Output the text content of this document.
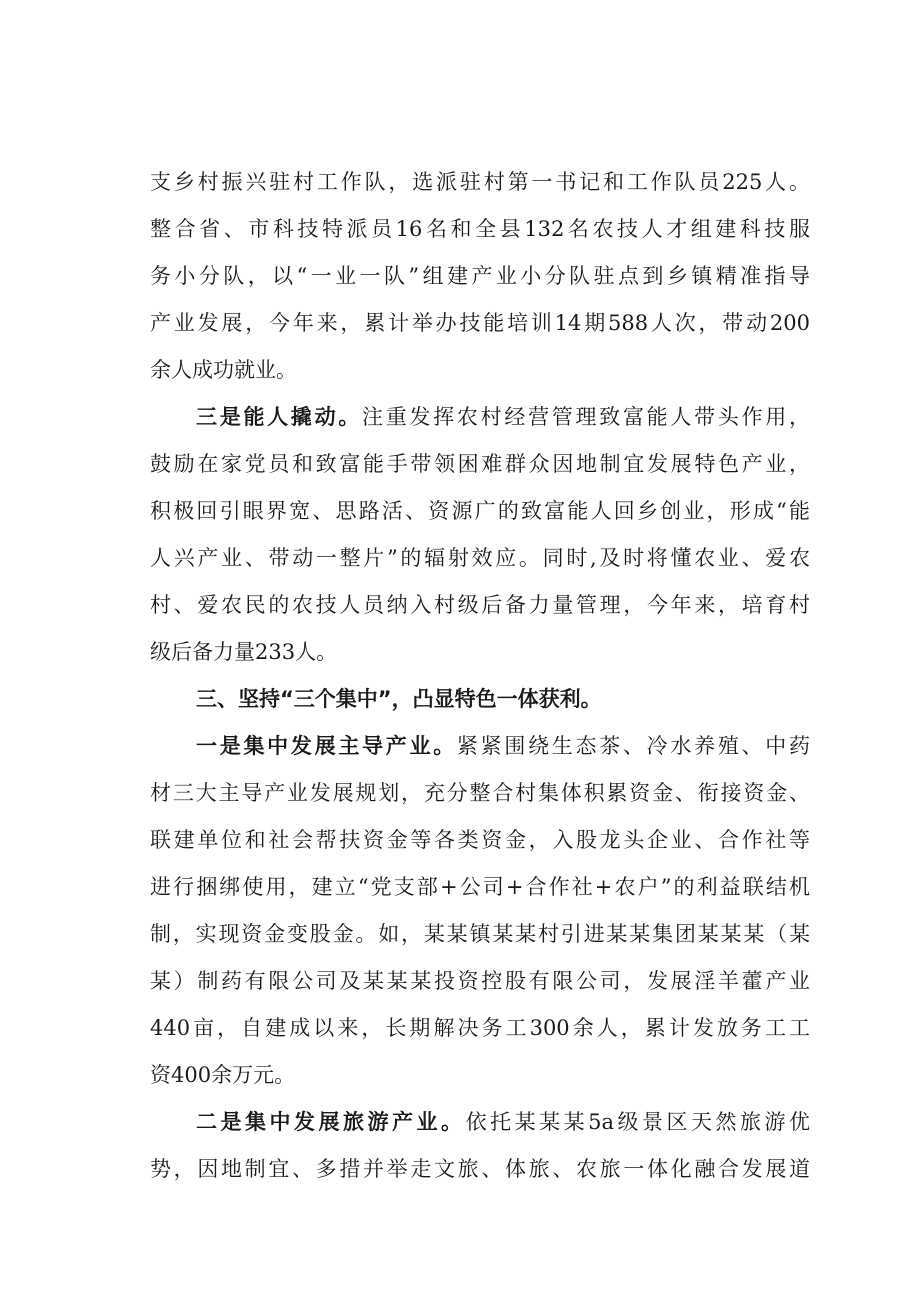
支乡村振兴驻村工作队，选派驻村第一书记和工作队员225人。
整合省、市科技特派员16名和全县132名农技人才组建科技服
务小分队，以“一业一队”组建产业小分队驻点到乡镇精准指导
产业发展，今年来，累计举办技能培训14期588人次，带动200
余人成功就业。
三是能人撬动。注重发挥农村经营管理致富能人带头作用，
鼓励在家党员和致富能手带领困难群众因地制宜发展特色产业，
积极回引眼界宽、思路活、资源广的致富能人回乡创业，形成“能
人兴产业、带动一整片”的辐射效应。同时,及时将懂农业、爱农
村、爱农民的农技人员纳入村级后备力量管理，今年来，培育村
级后备力量233人。
三、坚持“三个集中”，凸显特色一体获利。
一是集中发展主导产业。紧紧围绕生态茶、冷水养殖、中药
材三大主导产业发展规划，充分整合村集体积累资金、衔接资金、
联建单位和社会帮扶资金等各类资金，入股龙头企业、合作社等
进行捆绑使用，建立“党支部+公司+合作社+农户”的利益联结机
制，实现资金变股金。如，某某镇某某村引进某某集团某某某（某
某）制药有限公司及某某某投资控股有限公司，发展淫羊藿产业
440亩，自建成以来，长期解决务工300余人，累计发放务工工
资400余万元。
二是集中发展旅游产业。依托某某某5a级景区天然旅游优
势，因地制宜、多措并举走文旅、体旅、农旅一体化融合发展道
